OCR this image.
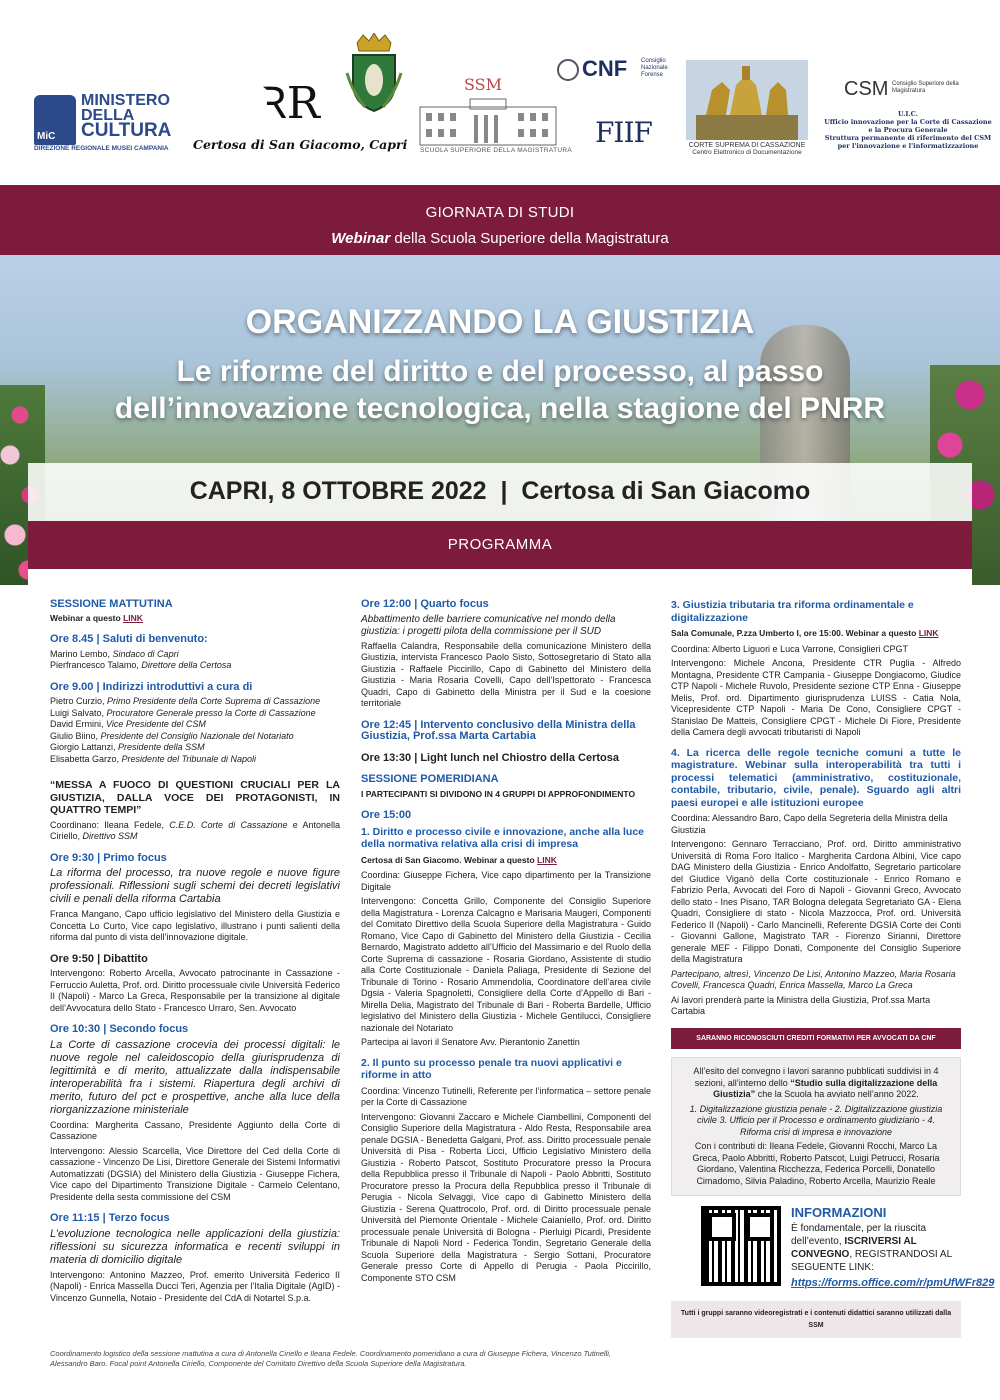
MiC
MINISTERO
DELLA
CULTURA
DIREZIONE REGIONALE MUSEI CAMPANIA
ꝚR
Certosa di San Giacomo, Capri
SSM
SCUOLA SUPERIORE DELLA MAGISTRATURA
CNF Consiglio Nazionale Forense
FIIF	CORTE SUPREMA DI CASSAZIONE
Centro Elettronico di Documentazione
CSM Consiglio Superiore della Magistratura
U.I.C.
Ufficio innovazione per la Corte di Cassazione
e la Procura Generale
Struttura permanente di riferimento del CSM
per l'innovazione e l'informatizzazione
GIORNATA DI STUDI
Webinar della Scuola Superiore della Magistratura
ORGANIZZANDO LA GIUSTIZIA
Le riforme del diritto e del processo, al passo
dell’innovazione tecnologica, nella stagione del PNRR
CAPRI, 8 OTTOBRE 2022  |  Certosa di San Giacomo
PROGRAMMA
SESSIONE MATTUTINA
Webinar a questo LINK
Ore 8.45 | Saluti di benvenuto:
Marino Lembo, Sindaco di Capri
Pierfrancesco Talamo, Direttore della Certosa
Ore 9.00 | Indirizzi introduttivi a cura di
Pietro Curzio, Primo Presidente della Corte Suprema di Cassazione
Luigi Salvato, Procuratore Generale presso la Corte di Cassazione
David Ermini, Vice Presidente del CSM
Giulio Biino, Presidente del Consiglio Nazionale del Notariato
Giorgio Lattanzi, Presidente della SSM
Elisabetta Garzo, Presidente del Tribunale di Napoli
“MESSA A FUOCO DI QUESTIONI CRUCIALI PER LA GIUSTIZIA, DALLA VOCE DEI PROTAGONISTI, IN QUATTRO TEMPI”
Coordinano: Ileana Fedele, C.E.D. Corte di Cassazione e Antonella Ciriello, Direttivo SSM
Ore 9:30 | Primo focus
La riforma del processo, tra nuove regole e nuove figure professionali. Riflessioni sugli schemi dei decreti legislativi civili e penali della riforma Cartabia
Franca Mangano, Capo ufficio legislativo del Ministero della Giustizia e Concetta Lo Curto, Vice capo legislativo, illustrano i punti salienti della riforma dal punto di vista dell’innovazione digitale.
Ore 9:50 | Dibattito
Intervengono: Roberto Arcella, Avvocato patrocinante in Cassazione - Ferruccio Auletta, Prof. ord. Diritto processuale civile Università Federico II (Napoli) - Marco La Greca, Responsabile per la transizione al digitale dell’Avvocatura dello Stato - Francesco Urraro, Sen. Avvocato
Ore 10:30 | Secondo focus
La Corte di cassazione crocevia dei processi digitali: le nuove regole nel caleidoscopio della giurisprudenza di legittimità e di merito, attualizzate dalla indispensabile interoperabilità fra i sistemi. Riapertura degli archivi di merito, futuro del pct e prospettive, anche alla luce della riorganizzazione ministeriale
Coordina: Margherita Cassano, Presidente Aggiunto della Corte di Cassazione
Intervengono: Alessio Scarcella, Vice Direttore del Ced della Corte di cassazione - Vincenzo De Lisi, Direttore Generale dei Sistemi Informativi Automatizzati (DGSIA) del Ministero della Giustizia - Giuseppe Fichera, Vice capo del Dipartimento Transizione Digitale - Carmelo Celentano, Presidente della sesta commissione del CSM
Ore 11:15 | Terzo focus
L’evoluzione tecnologica nelle applicazioni della giustizia: riflessioni su sicurezza informatica e recenti sviluppi in materia di domicilio digitale
Intervengono: Antonino Mazzeo, Prof. emerito Università Federico II (Napoli) - Enrica Massella Ducci Teri, Agenzia per l’Italia Digitale (AgID) - Vincenzo Gunnella, Notaio - Presidente del CdA di Notartel S.p.a.
Ore 12:00 | Quarto focus
Abbattimento delle barriere comunicative nel mondo della giustizia: i progetti pilota della commissione per il SUD
Raffaella Calandra, Responsabile della comunicazione Ministero della Giustizia, intervista Francesco Paolo Sisto, Sottosegretario di Stato alla Giustizia - Raffaele Piccirillo, Capo di Gabinetto del Ministero della Giustizia - Maria Rosaria Covelli, Capo dell’Ispettorato - Francesca Quadri, Capo di Gabinetto della Ministra per il Sud e la coesione territoriale
Ore 12:45 | Intervento conclusivo della Ministra della Giustizia, Prof.ssa Marta Cartabia
Ore 13:30 | Light lunch nel Chiostro della Certosa
SESSIONE POMERIDIANA
I PARTECIPANTI SI DIVIDONO IN 4 GRUPPI DI APPROFONDIMENTO
Ore 15:00
1. Diritto e processo civile e innovazione, anche alla luce della normativa relativa alla crisi di impresa
Certosa di San Giacomo. Webinar a questo LINK
Coordina: Giuseppe Fichera, Vice capo dipartimento per la Transizione Digitale
Intervengono: Concetta Grillo, Componente del Consiglio Superiore della Magistratura - Lorenza Calcagno e Marisaria Maugeri, Componenti del Comitato Direttivo della Scuola Superiore della Magistratura - Guido Romano, Vice Capo di Gabinetto del Ministero della Giustizia - Cecilia Bernardo, Magistrato addetto all’Ufficio del Massimario e del Ruolo della Corte Suprema di cassazione - Rosaria Giordano, Assistente di studio alla Corte Costituzionale - Daniela Paliaga, Presidente di Sezione del Tribunale di Torino - Rosario Ammendolia, Coordinatore dell’area civile Dgsia - Valeria Spagnoletti, Consigliere della Corte d’Appello di Bari - Mirella Delia, Magistrato del Tribunale di Bari - Roberta Bardelle, Ufficio legislativo del Ministero della Giustizia - Michele Gentilucci, Consigliere nazionale del Notariato
Partecipa ai lavori il Senatore Avv. Pierantonio Zanettin
2. Il punto su processo penale tra nuovi applicativi e riforme in atto
Coordina: Vincenzo Tutinelli, Referente per l’informatica – settore penale per la Corte di Cassazione
Intervengono: Giovanni Zaccaro e Michele Ciambellini, Componenti del Consiglio Superiore della Magistratura - Aldo Resta, Responsabile area penale DGSIA - Benedetta Galgani, Prof. ass. Diritto processuale penale Università di Pisa - Roberta Licci, Ufficio Legislativo Ministero della Giustizia - Roberto Patscot, Sostituto Procuratore presso la Procura della Repubblica presso il Tribunale di Napoli - Paolo Abbritti, Sostituto Procuratore presso la Procura della Repubblica presso il Tribunale di Perugia - Nicola Selvaggi, Vice capo di Gabinetto Ministero della Giustizia - Serena Quattrocolo, Prof. ord. di Diritto processuale penale Università del Piemonte Orientale - Michele Caianiello, Prof. ord. Diritto processuale penale Università di Bologna - Pierluigi Picardi, Presidente Tribunale di Napoli Nord - Federica Tondin, Segretario Generale della Scuola Superiore della Magistratura - Sergio Sottani, Procuratore Generale presso Corte di Appello di Perugia - Paola Piccirillo, Componente STO CSM
3. Giustizia tributaria tra riforma ordinamentale e digitalizzazione
Sala Comunale, P.zza Umberto I, ore 15:00. Webinar a questo LINK
Coordina: Alberto Liguori e Luca Varrone, Consiglieri CPGT
Intervengono: Michele Ancona, Presidente CTR Puglia - Alfredo Montagna, Presidente CTR Campania - Giuseppe Dongiacomo, Giudice CTP Napoli - Michele Ruvolo, Presidente sezione CTP Enna - Giuseppe Melis, Prof. ord. Dipartimento giurisprudenza LUISS - Catia Nola, Vicepresidente CTP Napoli - Maria De Cono, Consigliere CPGT - Stanislao De Matteis, Consigliere CPGT - Michele Di Fiore, Presidente della Camera degli avvocati tributaristi di Napoli
4. La ricerca delle regole tecniche comuni a tutte le magistrature. Webinar sulla interoperabilità tra tutti i processi telematici (amministrativo, costituzionale, contabile, tributario, civile, penale). Sguardo agli altri paesi europei e alle istituzioni europee
Coordina: Alessandro Baro, Capo della Segreteria della Ministra della Giustizia
Intervengono: Gennaro Terracciano, Prof. ord. Diritto amministrativo Università di Roma Foro Italico - Margherita Cardona Albini, Vice capo DAG Ministero della Giustizia - Enrico Andolfatto, Segretario particolare del Giudice Viganò della Corte costituzionale - Enrico Romano e Fabrizio Perla, Avvocati del Foro di Napoli - Giovanni Greco, Avvocato dello stato - Ines Pisano, TAR Bologna delegata Segretariato GA - Elena Quadri, Consigliere di stato - Nicola Mazzocca, Prof. ord. Università Federico II (Napoli) - Carlo Mancinelli, Referente DGSIA Corte dei Conti - Giovanni Gallone, Magistrato TAR - Fiorenzo Sirianni, Direttore generale MEF - Filippo Donati, Componente del Consiglio Superiore della Magistratura
Partecipano, altresì, Vincenzo De Lisi, Antonino Mazzeo, Maria Rosaria Covelli, Francesca Quadri, Enrica Massella, Marco La Greca
Ai lavori prenderà parte la Ministra della Giustizia, Prof.ssa Marta Cartabia
SARANNO RICONOSCIUTI CREDITI FORMATIVI PER AVVOCATI DA CNF
All’esito del convegno i lavori saranno pubblicati suddivisi in 4 sezioni, all’interno dello “Studio sulla digitalizzazione della Giustizia” che la Scuola ha avviato nell’anno 2022.
1. Digitalizzazione giustizia penale - 2. Digitalizzazione giustizia civile 3. Ufficio per il Processo e ordinamento giudiziario - 4. Riforma crisi di impresa e innovazione
Con i contributi di: Ileana Fedele, Giovanni Rocchi, Marco La Greca, Paolo Abbritti, Roberto Patscot, Luigi Petrucci, Rosaria Giordano, Valentina Ricchezza, Federica Porcelli, Donatello Cimadomo, Silvia Paladino, Roberto Arcella, Maurizio Reale
INFORMAZIONI
È fondamentale, per la riuscita dell’evento, ISCRIVERSI AL CONVEGNO, REGISTRANDOSI AL SEGUENTE LINK:
https://forms.office.com/r/pmUfWFr829
Tutti i gruppi saranno videoregistrati e i contenuti didattici saranno utilizzati dalla SSM
Coordinamento logistico della sessione mattutina a cura di Antonella Ciriello e Ileana Fedele. Coordinamento pomeridiano a cura di Giuseppe Fichera, Vincenzo Tutinelli, Alessandro Baro. Focal point Antonella Ciriello, Componente del Comitato Direttivo della Scuola Superiore della Magistratura.
